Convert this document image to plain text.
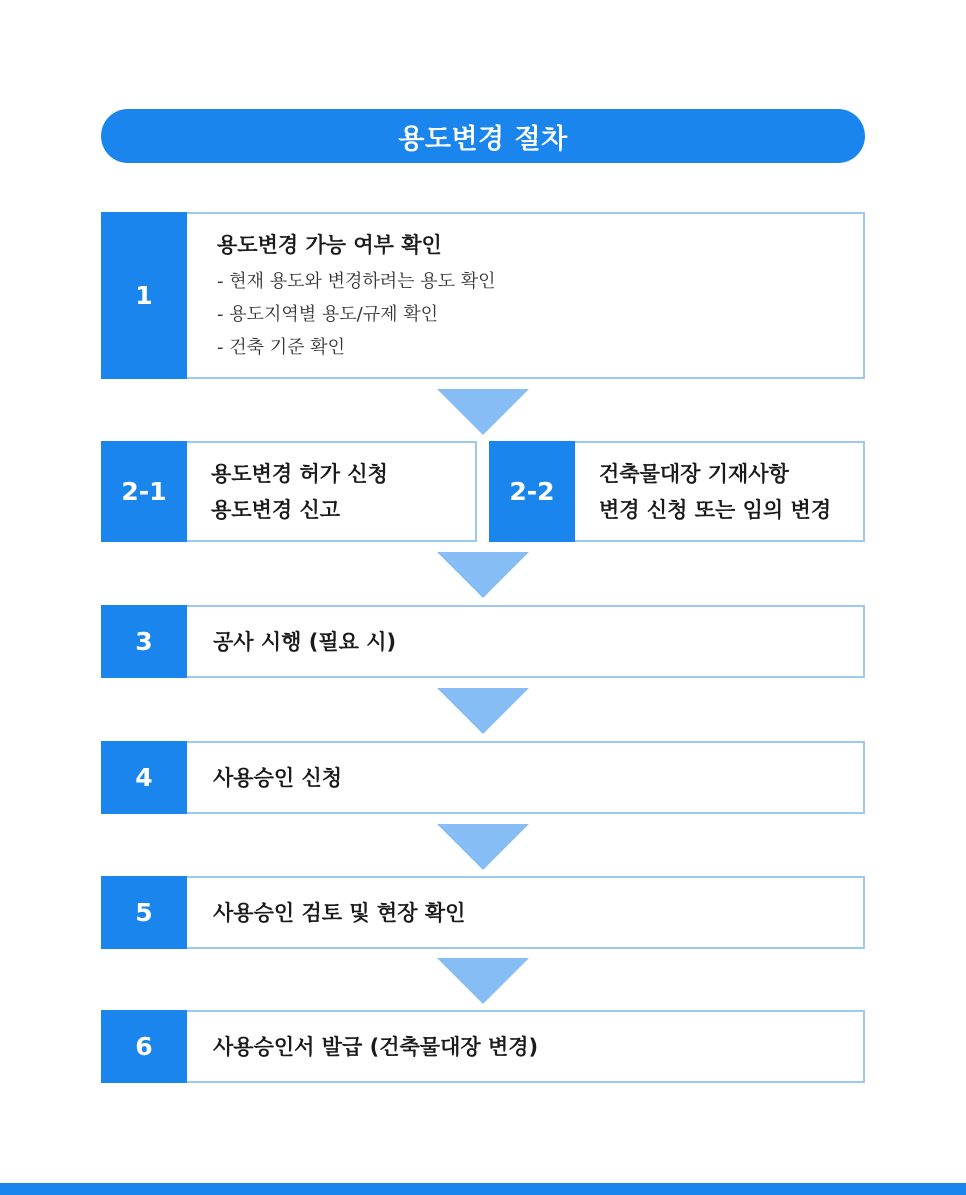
용도변경 절차
1
용도변경 가능 여부 확인
- 현재 용도와 변경하려는 용도 확인
- 용도지역별 용도/규제 확인
- 건축 기준 확인
2-1
용도변경 허가 신청
용도변경 신고
2-2
건축물대장 기재사항
변경 신청 또는 임의 변경
3	공사 시행 (필요 시)
4	사용승인 신청
5	사용승인 검토 및 현장 확인
6	사용승인서 발급 (건축물대장 변경)
